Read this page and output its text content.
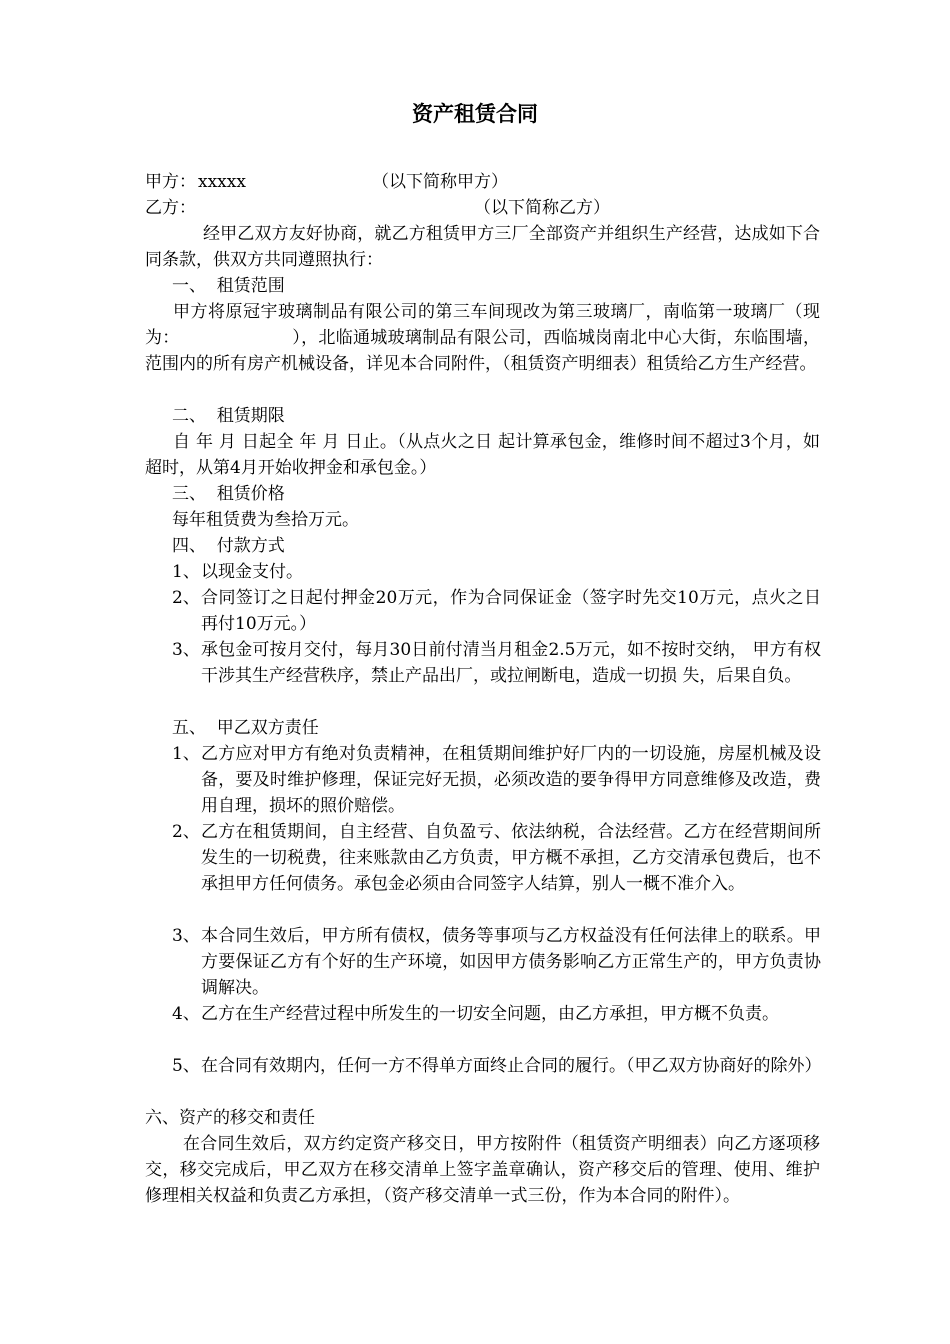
资产租赁合同
甲方： xxxxx	（以下简称甲方）
乙方：	（以下简称乙方）
经甲乙双方友好协商，就乙方租赁甲方三厂全部资产并组织生产经营，达成如下合同条款，供双方共同遵照执行：
一、  租赁范围
甲方将原冠宇玻璃制品有限公司的第三车间现改为第三玻璃厂，南临第一玻璃厂（现为：　　　　　　　），北临通城玻璃制品有限公司，西临城岗南北中心大街，东临围墙，范围内的所有房产机械设备，详见本合同附件，（租赁资产明细表）租赁给乙方生产经营。
二、  租赁期限
自 年 月 日起全 年 月 日止。（从点火之日 起计算承包金，维修时间不超过3个月，如超时，从第4月开始收押金和承包金。）
三、  租赁价格
每年租赁费为叁拾万元。
四、  付款方式
1、 以现金支付。
2、 合同签订之日起付押金20万元，作为合同保证金（签字时先交10万元，点火之日再付10万元。）
3、 承包金可按月交付，每月30日前付清当月租金2.5万元，如不按时交纳， 甲方有权干涉其生产经营秩序，禁止产品出厂，或拉闸断电，造成一切损 失，后果自负。
五、  甲乙双方责任
1、 乙方应对甲方有绝对负责精神，在租赁期间维护好厂内的一切设施，房屋机械及设备，要及时维护修理，保证完好无损，必须改造的要争得甲方同意维修及改造，费用自理，损坏的照价赔偿。
2、 乙方在租赁期间，自主经营、自负盈亏、依法纳税，合法经营。乙方在经营期间所发生的一切税费，往来账款由乙方负责，甲方概不承担，乙方交清承包费后，也不承担甲方任何债务。承包金必须由合同签字人结算，别人一概不准介入。
3、 本合同生效后，甲方所有债权，债务等事项与乙方权益没有任何法律上的联系。甲方要保证乙方有个好的生产环境，如因甲方债务影响乙方正常生产的，甲方负责协调解决。
4、 乙方在生产经营过程中所发生的一切安全问题，由乙方承担，甲方概不负责。
5、 在合同有效期内，任何一方不得单方面终止合同的履行。（甲乙双方协商好的除外）
六、资产的移交和责任
在合同生效后，双方约定资产移交日，甲方按附件（租赁资产明细表）向乙方逐项移交，移交完成后，甲乙双方在移交清单上签字盖章确认，资产移交后的管理、使用、维护修理相关权益和负责乙方承担，（资产移交清单一式三份，作为本合同的附件）。
